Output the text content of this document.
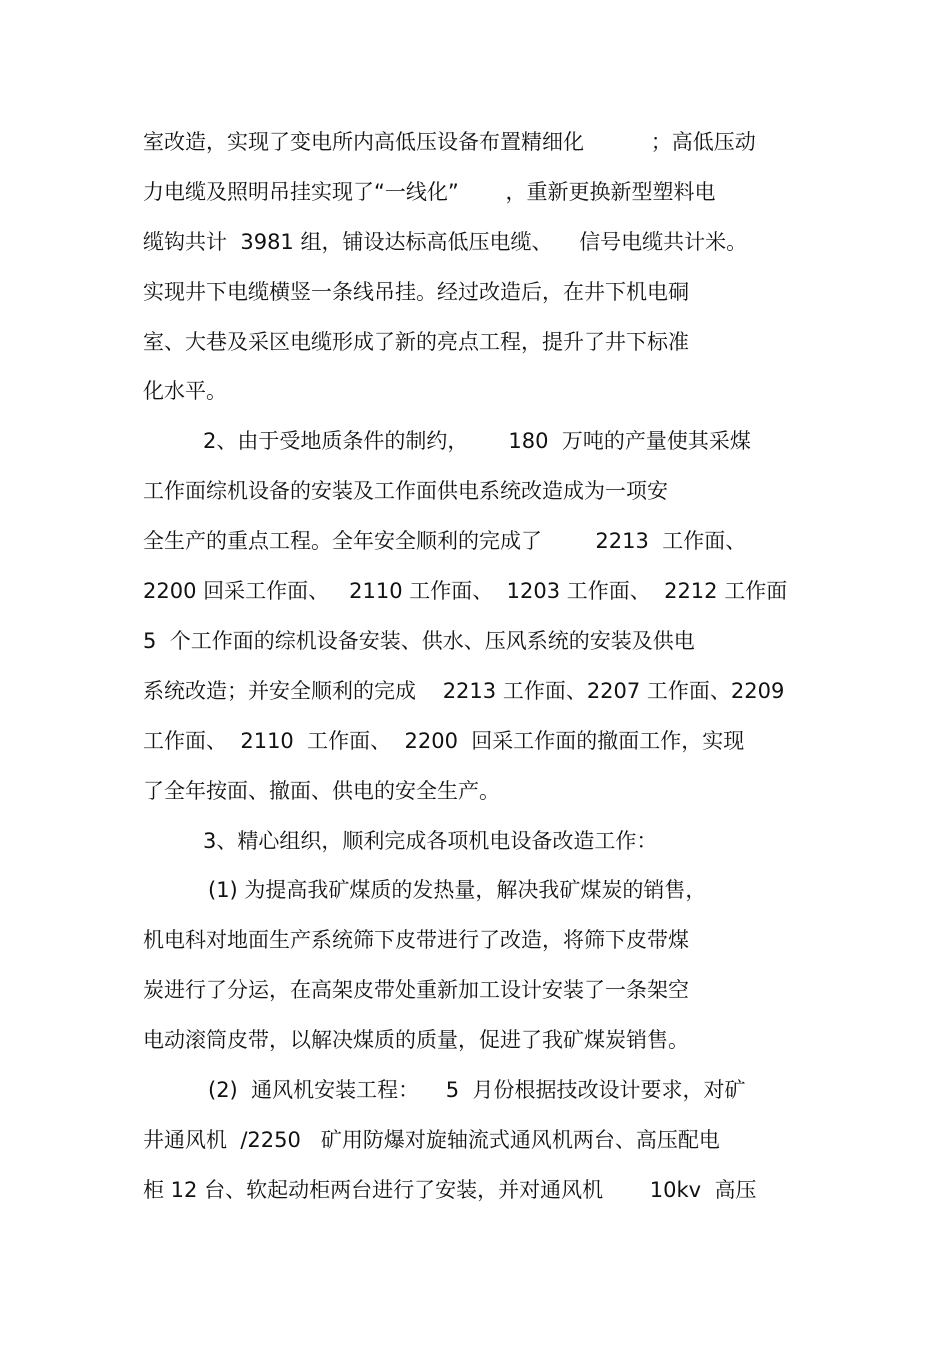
室改造，实现了变电所内高低压设备布置精细化          ；高低压动

力电缆及照明吊挂实现了“一线化”       ，重新更换新型塑料电

缆钩共计  3981 组，铺设达标高低压电缆、    信号电缆共计米。

实现井下电缆横竖一条线吊挂。经过改造后，在井下机电硐

室、大巷及采区电缆形成了新的亮点工程，提升了井下标准

化水平。

2、由于受地质条件的制约，      180  万吨的产量使其采煤

工作面综机设备的安装及工作面供电系统改造成为一项安

全生产的重点工程。全年安全顺利的完成了        2213  工作面、

2200 回采工作面、   2110 工作面、  1203 工作面、  2212 工作面

5  个工作面的综机设备安装、供水、压风系统的安装及供电

系统改造；并安全顺利的完成    2213 工作面、2207 工作面、2209

工作面、  2110  工作面、  2200  回采工作面的撤面工作，实现

了全年按面、撤面、供电的安全生产。

3、精心组织，顺利完成各项机电设备改造工作：

(1) 为提高我矿煤质的发热量，解决我矿煤炭的销售，

机电科对地面生产系统筛下皮带进行了改造，将筛下皮带煤

炭进行了分运，在高架皮带处重新加工设计安装了一条架空

电动滚筒皮带，以解决煤质的质量，促进了我矿煤炭销售。

(2)  通风机安装工程：    5  月份根据技改设计要求，对矿

井通风机  /2250   矿用防爆对旋轴流式通风机两台、高压配电

柜 12 台、软起动柜两台进行了安装，并对通风机       10kv  高压
